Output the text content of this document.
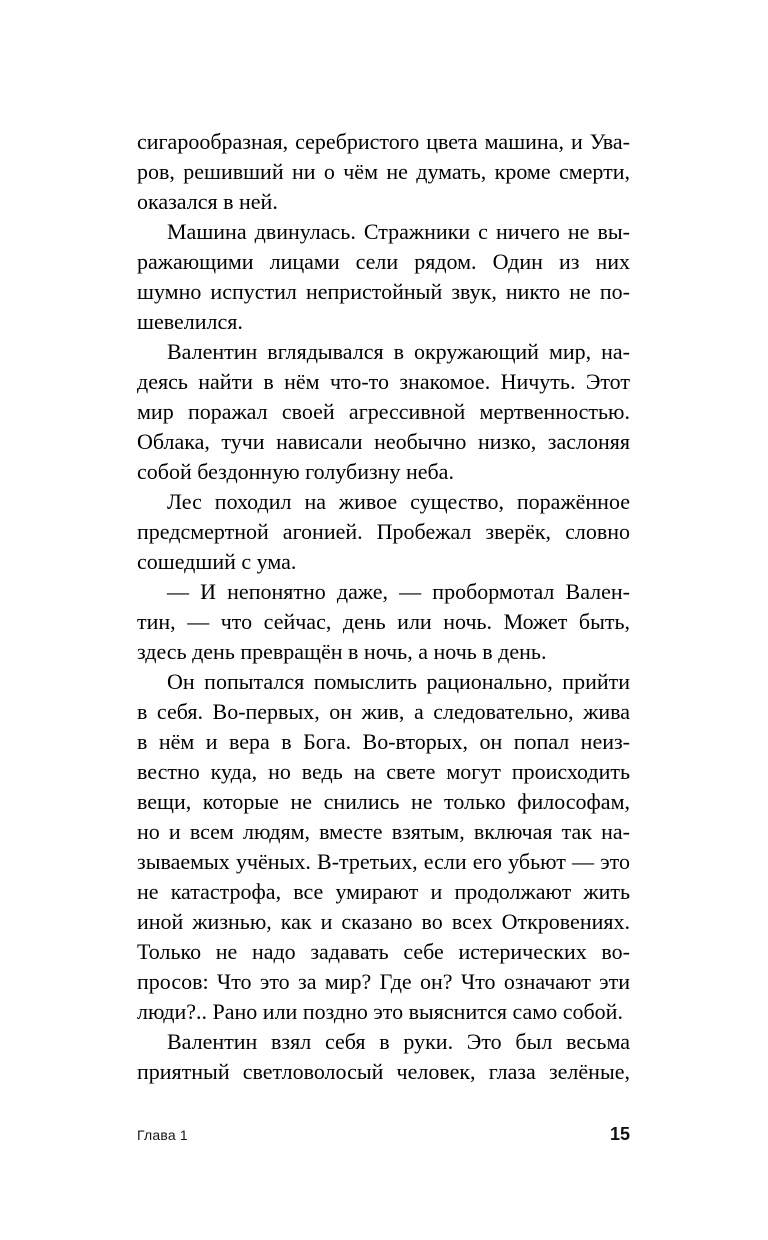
сигарообразная, серебристого цвета машина, и Ува-
ров, решивший ни о чём не думать, кроме смерти,
оказался в ней.
Машина двинулась. Стражники с ничего не вы-
ражающими лицами сели рядом. Один из них
шумно испустил непристойный звук, никто не по-
шевелился.
Валентин вглядывался в окружающий мир, на-
деясь найти в нём что-то знакомое. Ничуть. Этот
мир поражал своей агрессивной мертвенностью.
Облака, тучи нависали необычно низко, заслоняя
собой бездонную голубизну неба.
Лес походил на живое существо, поражённое
предсмертной агонией. Пробежал зверёк, словно
сошедший с ума.
— И непонятно даже, — пробормотал Вален-
тин, — что сейчас, день или ночь. Может быть,
здесь день превращён в ночь, а ночь в день.
Он попытался помыслить рационально, прийти
в себя. Во-первых, он жив, а следовательно, жива
в нём и вера в Бога. Во-вторых, он попал неиз-
вестно куда, но ведь на свете могут происходить
вещи, которые не снились не только философам,
но и всем людям, вместе взятым, включая так на-
зываемых учёных. В-третьих, если его убьют — это
не катастрофа, все умирают и продолжают жить
иной жизнью, как и сказано во всех Откровениях.
Только не надо задавать себе истерических во-
просов: Что это за мир? Где он? Что означают эти
люди?.. Рано или поздно это выяснится само собой.
Валентин взял себя в руки. Это был весьма
приятный светловолосый человек, глаза зелёные,
Глава 1	15
